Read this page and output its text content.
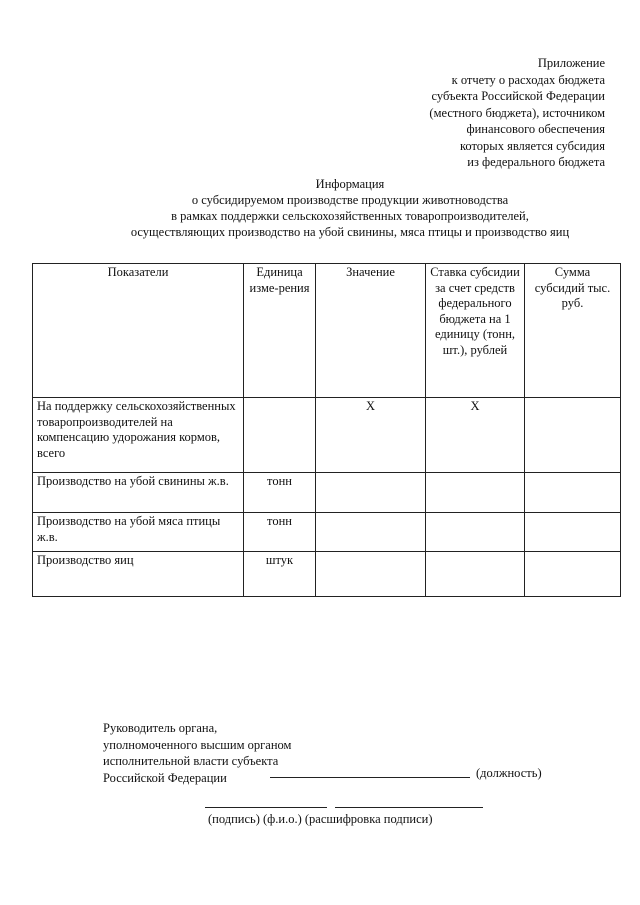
Приложение
к отчету о расходах бюджета
субъекта Российской Федерации
(местного бюджета), источником
финансового обеспечения
которых является субсидия
из федерального бюджета
Информация
о субсидируемом производстве продукции животноводства
в рамках поддержки сельскохозяйственных товаропроизводителей,
осуществляющих производство на убой свинины, мяса птицы и производство яиц
Показатели	Единица изме-рения	Значение	Ставка субсидии за счет средств федерального бюджета на 1 единицу (тонн, шт.), рублей	Сумма субсидий тыс. руб.
На поддержку сельскохозяйственных товаропроизводителей на компенсацию удорожания кормов, всего		X	X	
Производство на убой свинины ж.в.	тонн			
Производство на убой мяса птицы ж.в.	тонн			
Производство яиц	штук			
Руководитель органа,
уполномоченного высшим органом
исполнительной власти субъекта
Российской Федерации	(должность)
(подпись) (ф.и.о.) (расшифровка подписи)
